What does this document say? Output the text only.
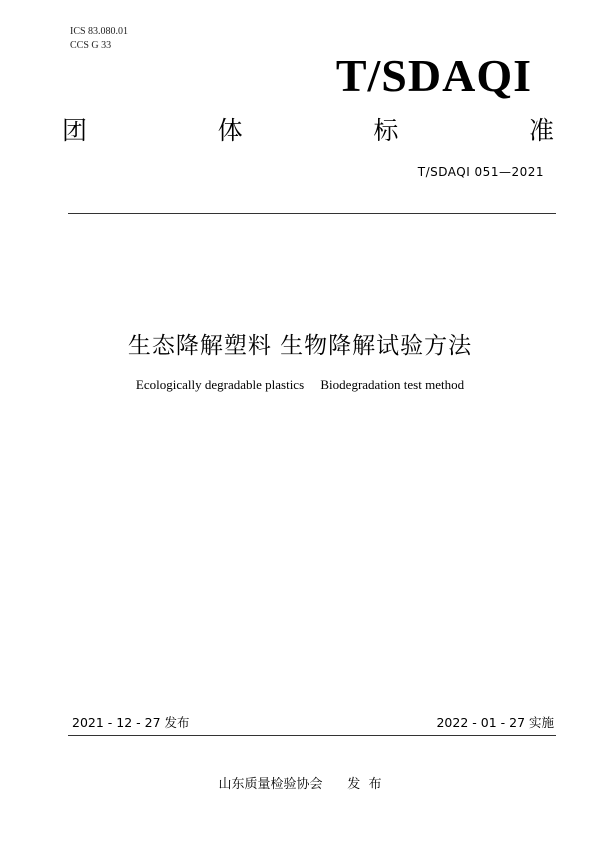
ICS 83.080.01
CCS G 33
T/SDAQI
团	体	标	准
T/SDAQI 051—2021
生态降解塑料 生物降解试验方法
Ecologically degradable plastics     Biodegradation test method
2021 - 12 - 27 发布	2022 - 01 - 27 实施
山东质量检验协会      发  布
